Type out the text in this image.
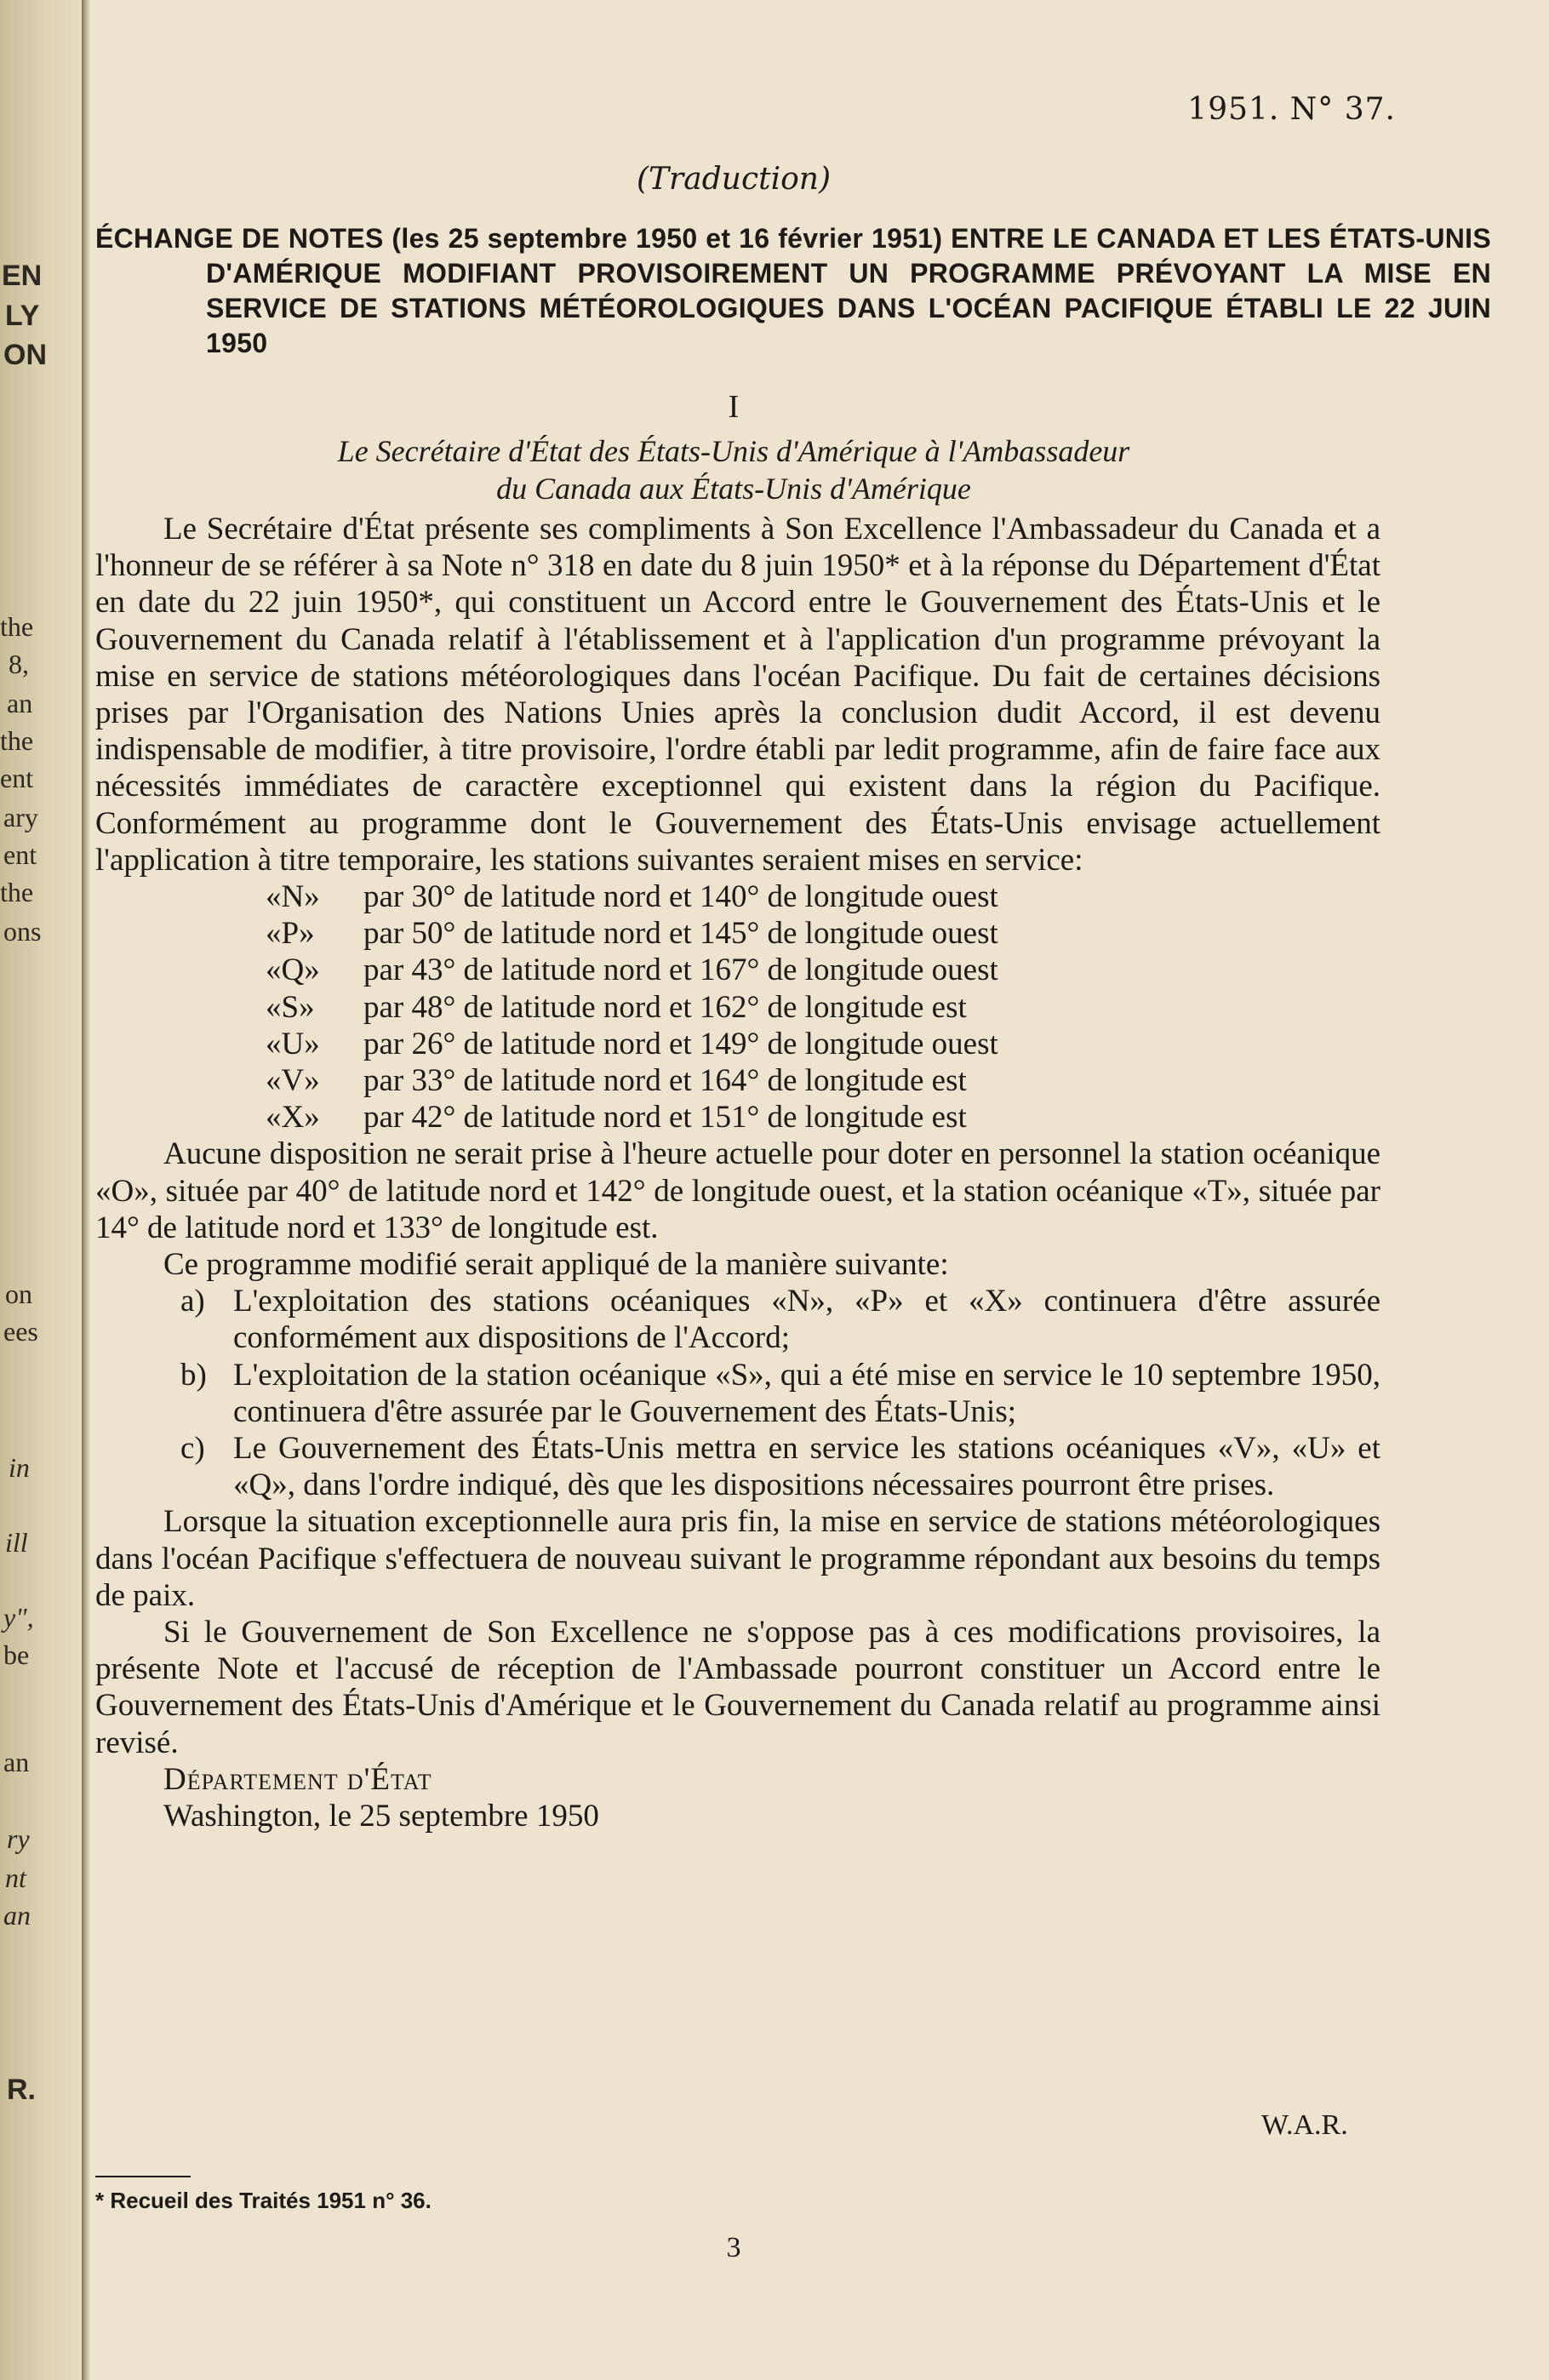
EN
LY
ON
the
8,
an
the
ent
ary
ent
the
ons
on
ees
in
ill
y",
be
an
ry
nt
an
R.
1951. N° 37.
(Traduction)
ÉCHANGE DE NOTES (les 25 septembre 1950 et 16 février 1951) ENTRE LE CANADA ET LES ÉTATS-UNIS D'AMÉRIQUE MODIFIANT PROVISOIREMENT UN PROGRAMME PRÉVOYANT LA MISE EN SERVICE DE STATIONS MÉTÉOROLOGIQUES DANS L'OCÉAN PACIFIQUE ÉTABLI LE 22 JUIN 1950
I
Le Secrétaire d'État des États-Unis d'Amérique à l'Ambassadeur
du Canada aux États-Unis d'Amérique

Le Secrétaire d'État présente ses compliments à Son Excellence l'Ambassadeur du Canada et a l'honneur de se référer à sa Note n° 318 en date du 8 juin 1950* et à la réponse du Département d'État en date du 22 juin 1950*, qui constituent un Accord entre le Gouvernement des États-Unis et le Gouvernement du Canada relatif à l'établissement et à l'application d'un programme prévoyant la mise en service de stations météorologiques dans l'océan Pacifique. Du fait de certaines décisions prises par l'Organisation des Nations Unies après la conclusion dudit Accord, il est devenu indispensable de modifier, à titre provisoire, l'ordre établi par ledit programme, afin de faire face aux nécessités immédiates de caractère exceptionnel qui existent dans la région du Pacifique. Conformément au programme dont le Gouvernement des États-Unis envisage actuellement l'application à titre temporaire, les stations suivantes seraient mises en service:

«N» par 30° de latitude nord et 140° de longitude ouest
«P» par 50° de latitude nord et 145° de longitude ouest
«Q» par 43° de latitude nord et 167° de longitude ouest
«S» par 48° de latitude nord et 162° de longitude est
«U» par 26° de latitude nord et 149° de longitude ouest
«V» par 33° de latitude nord et 164° de longitude est
«X» par 42° de latitude nord et 151° de longitude est

Aucune disposition ne serait prise à l'heure actuelle pour doter en personnel la station océanique «O», située par 40° de latitude nord et 142° de longitude ouest, et la station océanique «T», située par 14° de latitude nord et 133° de longitude est.

Ce programme modifié serait appliqué de la manière suivante:

a) L'exploitation des stations océaniques «N», «P» et «X» continuera d'être assurée conformément aux dispositions de l'Accord;
b) L'exploitation de la station océanique «S», qui a été mise en service le 10 septembre 1950, continuera d'être assurée par le Gouvernement des États-Unis;
c) Le Gouvernement des États-Unis mettra en service les stations océaniques «V», «U» et «Q», dans l'ordre indiqué, dès que les dispositions nécessaires pourront être prises.

Lorsque la situation exceptionnelle aura pris fin, la mise en service de stations météorologiques dans l'océan Pacifique s'effectuera de nouveau suivant le programme répondant aux besoins du temps de paix.

Si le Gouvernement de Son Excellence ne s'oppose pas à ces modifications provisoires, la présente Note et l'accusé de réception de l'Ambassade pourront constituer un Accord entre le Gouvernement des États-Unis d'Amérique et le Gouvernement du Canada relatif au programme ainsi revisé.

Département d'État

Washington, le 25 septembre 1950

W.A.R.
* Recueil des Traités 1951 n° 36.
3
